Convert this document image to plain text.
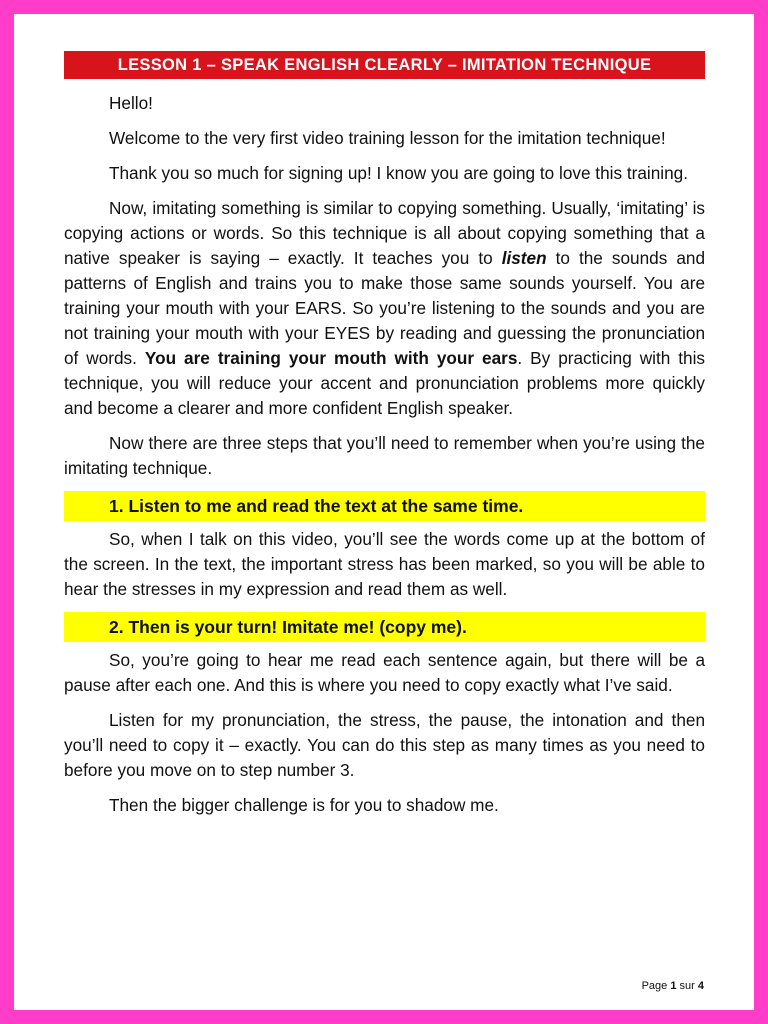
LESSON 1 – SPEAK ENGLISH CLEARLY – IMITATION TECHNIQUE

Hello!

Welcome to the very first video training lesson for the imitation technique!

Thank you so much for signing up! I know you are going to love this training.

Now, imitating something is similar to copying something. Usually, ‘imitating’ is copying actions or words. So this technique is all about copying something that a native speaker is saying – exactly. It teaches you to listen to the sounds and patterns of English and trains you to make those same sounds yourself. You are training your mouth with your EARS. So you’re listening to the sounds and you are not training your mouth with your EYES by reading and guessing the pronunciation of words. You are training your mouth with your ears. By practicing with this technique, you will reduce your accent and pronunciation problems more quickly and become a clearer and more confident English speaker.

Now there are three steps that you’ll need to remember when you’re using the imitating technique.

1. Listen to me and read the text at the same time.

So, when I talk on this video, you’ll see the words come up at the bottom of the screen. In the text, the important stress has been marked, so you will be able to hear the stresses in my expression and read them as well.

2. Then is your turn! Imitate me! (copy me).

So, you’re going to hear me read each sentence again, but there will be a pause after each one. And this is where you need to copy exactly what I’ve said.

Listen for my pronunciation, the stress, the pause, the intonation and then you’ll need to copy it – exactly. You can do this step as many times as you need to before you move on to step number 3.

Then the bigger challenge is for you to shadow me.

Page 1 sur 4
